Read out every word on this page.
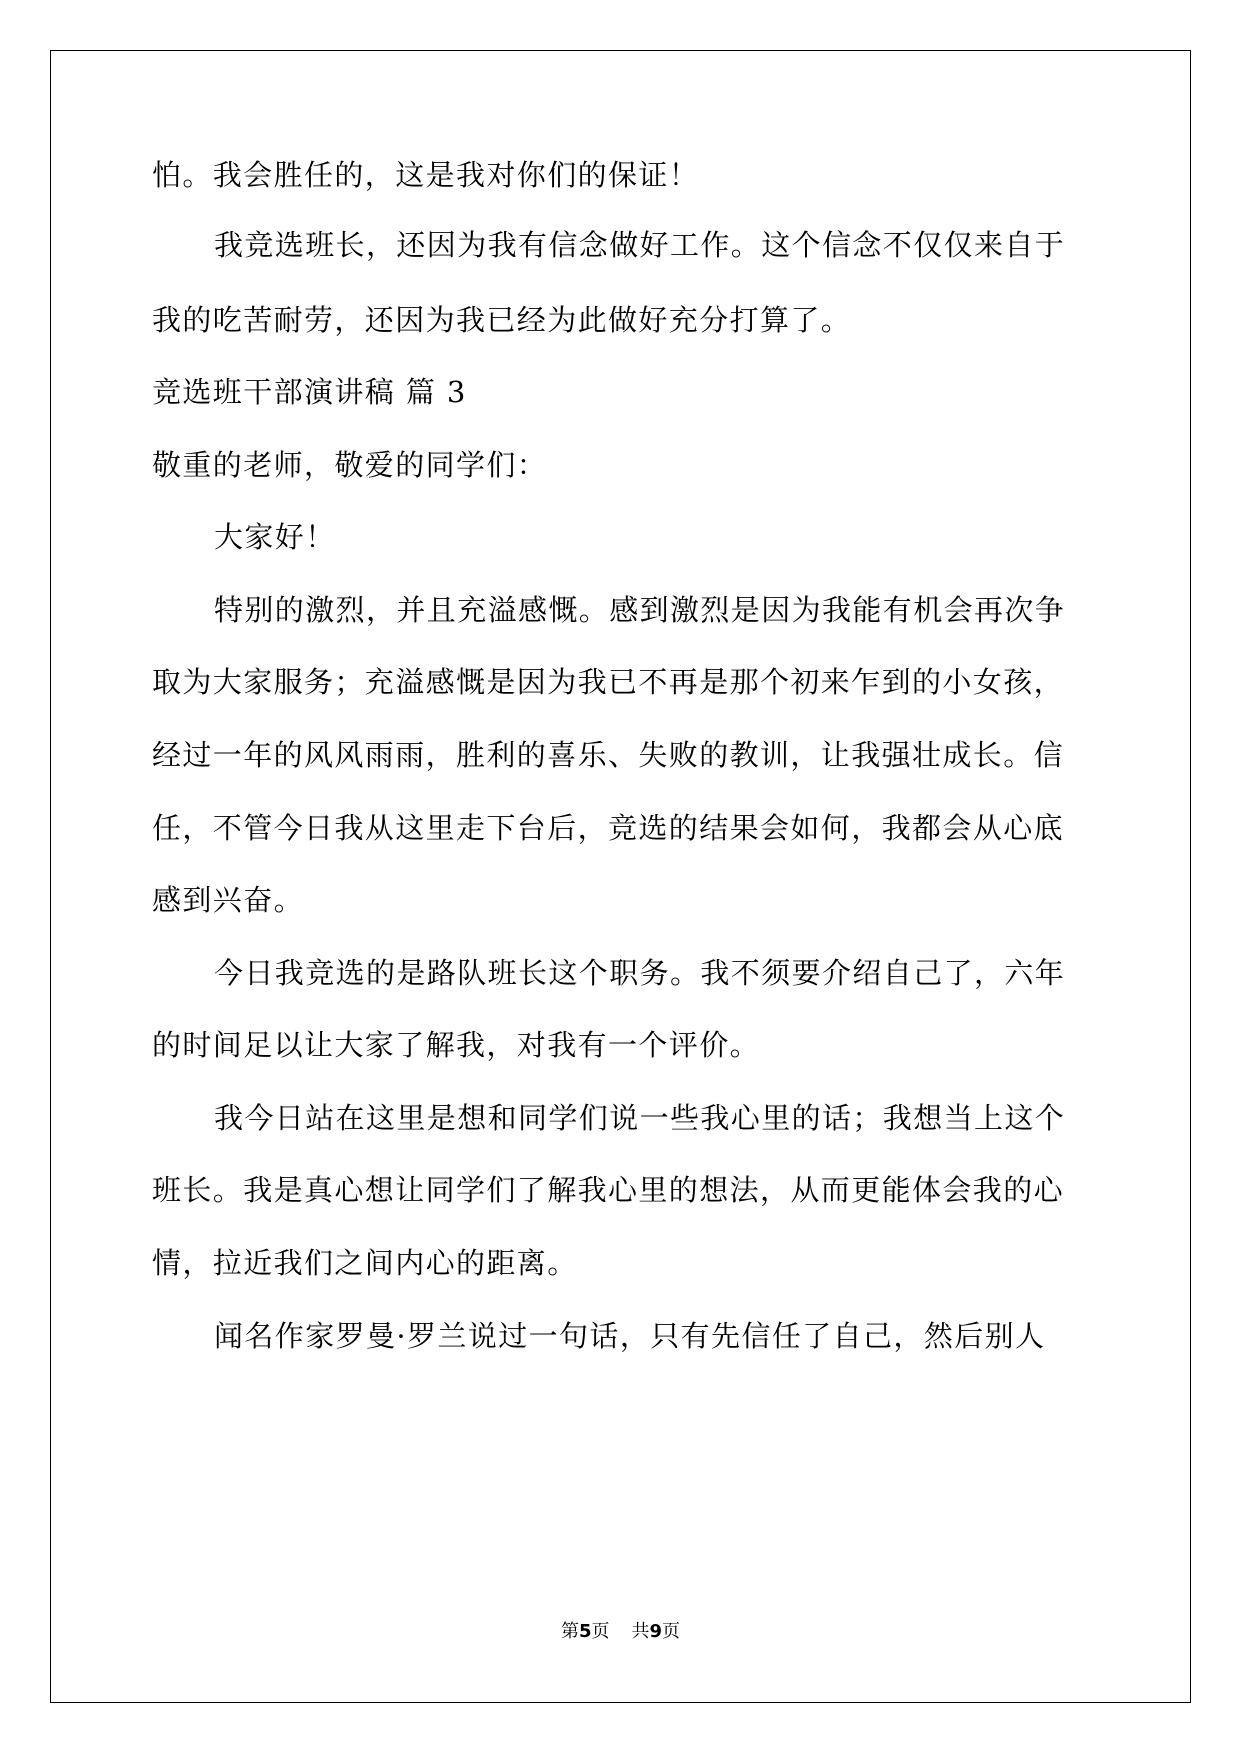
怕。我会胜任的，这是我对你们的保证！
我竞选班长，还因为我有信念做好工作。这个信念不仅仅来自于
我的吃苦耐劳，还因为我已经为此做好充分打算了。
竞选班干部演讲稿 篇 3
敬重的老师，敬爱的同学们：
大家好！
特别的激烈，并且充溢感慨。感到激烈是因为我能有机会再次争
取为大家服务；充溢感慨是因为我已不再是那个初来乍到的小女孩，
经过一年的风风雨雨，胜利的喜乐、失败的教训，让我强壮成长。信
任，不管今日我从这里走下台后，竞选的结果会如何，我都会从心底
感到兴奋。
今日我竞选的是路队班长这个职务。我不须要介绍自己了，六年
的时间足以让大家了解我，对我有一个评价。
我今日站在这里是想和同学们说一些我心里的话；我想当上这个
班长。我是真心想让同学们了解我心里的想法，从而更能体会我的心
情，拉近我们之间内心的距离。
闻名作家罗曼·罗兰说过一句话，只有先信任了自己，然后别人
第5页 共9页
